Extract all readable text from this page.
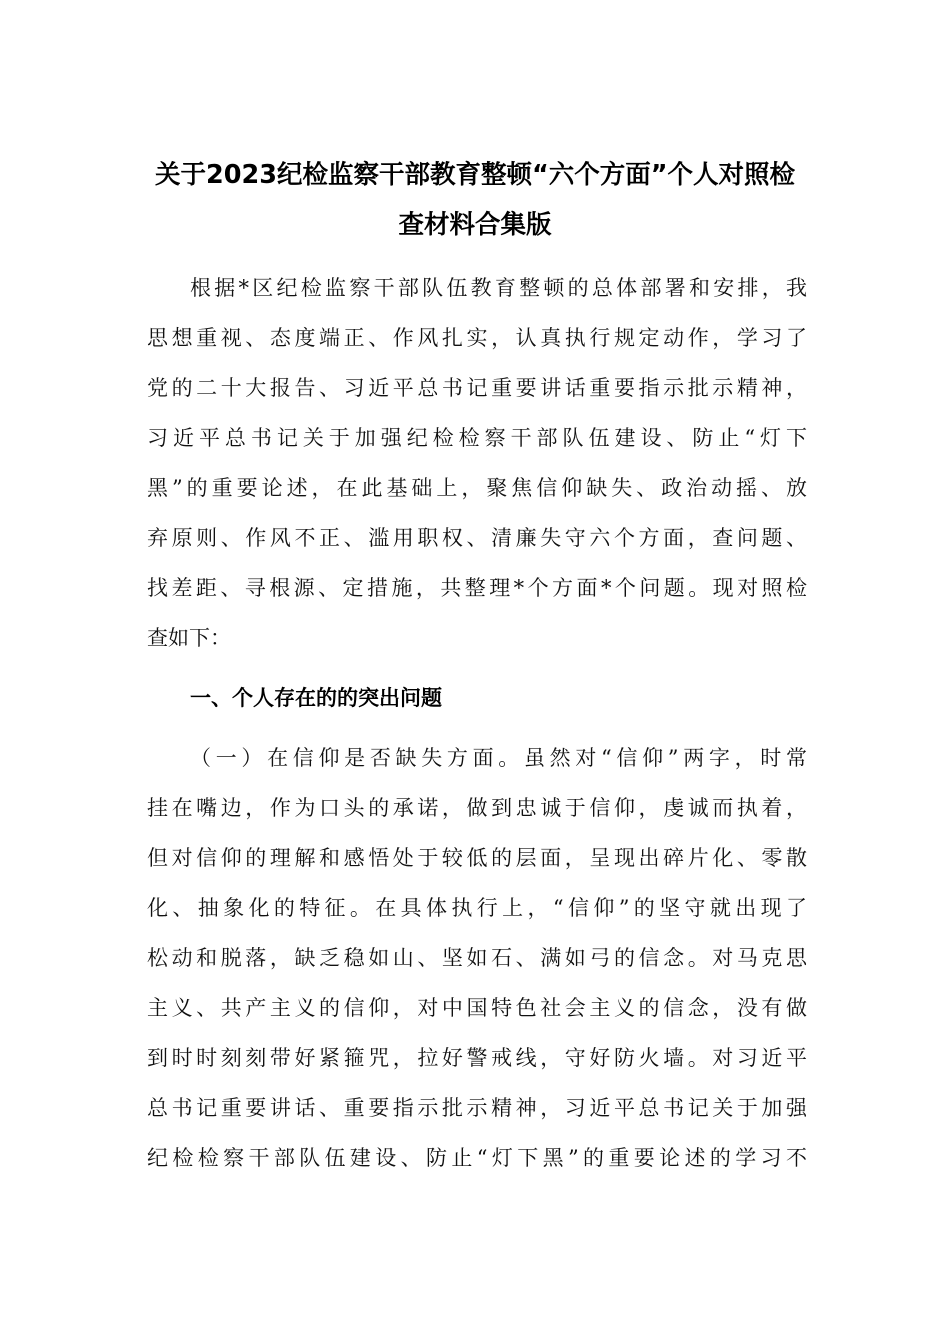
关于2023纪检监察干部教育整顿“六个方面”个人对照检
查材料合集版

根据*区纪检监察干部队伍教育整顿的总体部署和安排，我

思想重视、态度端正、作风扎实，认真执行规定动作，学习了

党的二十大报告、习近平总书记重要讲话重要指示批示精神，

习近平总书记关于加强纪检检察干部队伍建设、防止“灯下

黑”的重要论述，在此基础上，聚焦信仰缺失、政治动摇、放

弃原则、作风不正、滥用职权、清廉失守六个方面，查问题、

找差距、寻根源、定措施，共整理*个方面*个问题。现对照检

查如下：

一、个人存在的的突出问题

（一）在信仰是否缺失方面。虽然对“信仰”两字，时常

挂在嘴边，作为口头的承诺，做到忠诚于信仰，虔诚而执着，

但对信仰的理解和感悟处于较低的层面，呈现出碎片化、零散

化、抽象化的特征。在具体执行上，“信仰”的坚守就出现了

松动和脱落，缺乏稳如山、坚如石、满如弓的信念。对马克思

主义、共产主义的信仰，对中国特色社会主义的信念，没有做

到时时刻刻带好紧箍咒，拉好警戒线，守好防火墙。对习近平

总书记重要讲话、重要指示批示精神，习近平总书记关于加强

纪检检察干部队伍建设、防止“灯下黑”的重要论述的学习不
